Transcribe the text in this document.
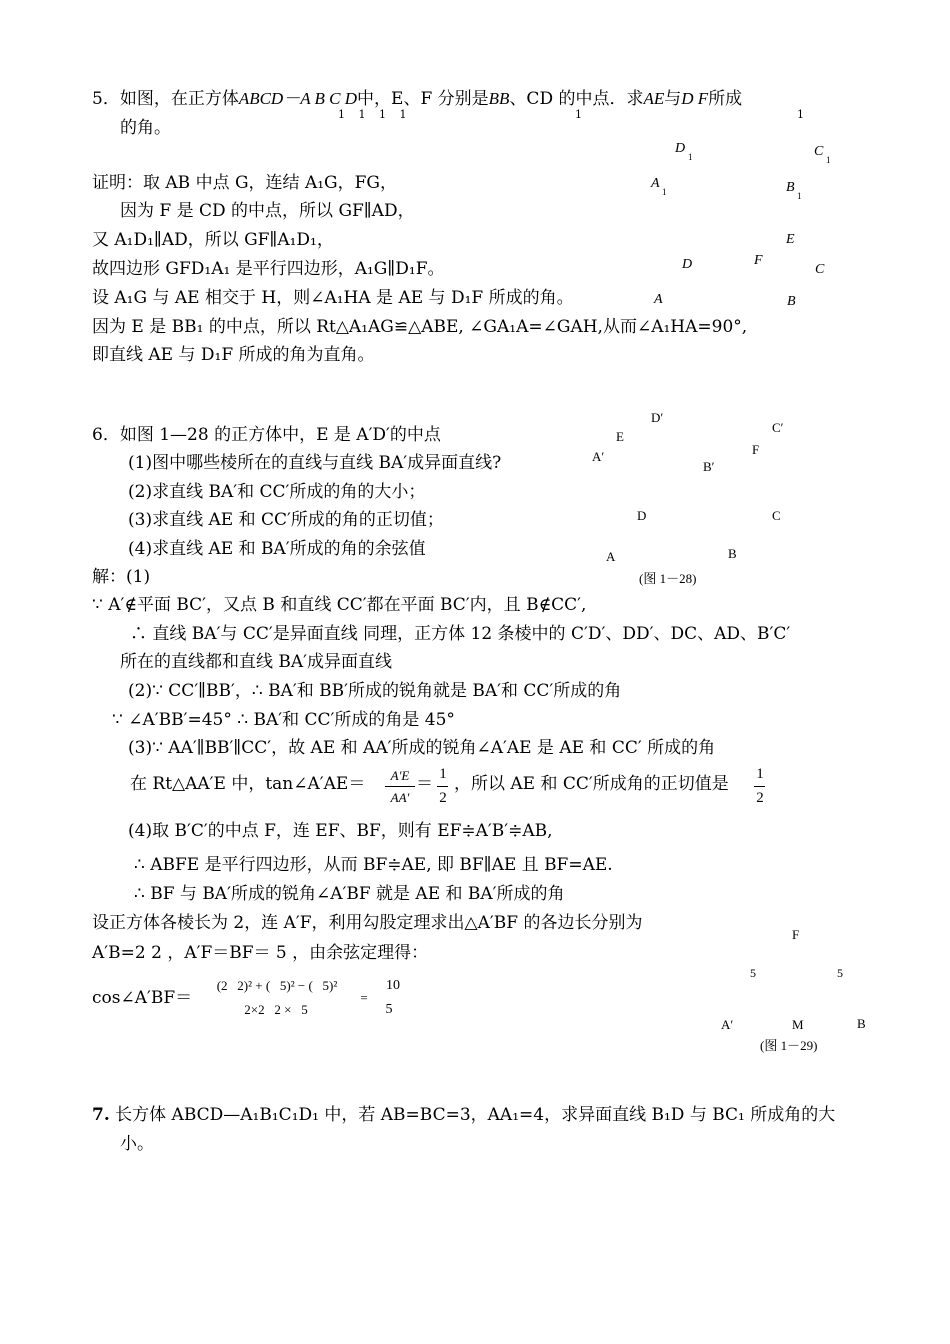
5．如图，在正方体ABCD－A B C D中，E、F 分别是BB、CD 的中点．求AE与D F所成
1 1 1 1	1	1
的角。
证明：取 AB 中点 G，连结 A₁G，FG，
因为 F 是 CD 的中点，所以 GF∥AD，
又 A₁D₁∥AD，所以 GF∥A₁D₁，
故四边形 GFD₁A₁ 是平行四边形，A₁G∥D₁F。
设 A₁G 与 AE 相交于 H，则∠A₁HA 是 AE 与 D₁F 所成的角。
因为 E 是 BB₁ 的中点，所以 Rt△A₁AG≌△ABE, ∠GA₁A=∠GAH,从而∠A₁HA=90°,
即直线 AE 与 D₁F 所成的角为直角。
D
1	C
1
A
1	B
1
E
D	F
C
A	B
6．如图 1—28 的正方体中，E 是 A′D′的中点
(1)图中哪些棱所在的直线与直线 BA′成异面直线?
(2)求直线 BA′和 CC′所成的角的大小；
(3)求直线 AE 和 CC′所成的角的正切值；
(4)求直线 AE 和 BA′所成的角的余弦值
解：(1)
D′
C′
E
F
A′
B′
D	C
A	B
(图 1－28)
∵ A′∉平面 BC′，又点 B 和直线 CC′都在平面 BC′内，且 B∉CC′,
∴ 直线 BA′与 CC′是异面直线 同理，正方体 12 条棱中的 C′D′、DD′、DC、AD、B′C′
所在的直线都和直线 BA′成异面直线
(2)∵ CC′∥BB′，∴ BA′和 BB′所成的锐角就是 BA′和 CC′所成的角
∵ ∠A′BB′=45° ∴ BA′和 CC′所成的角是 45°
(3)∵ AA′∥BB′∥CC′，故 AE 和 AA′所成的锐角∠A′AE 是 AE 和 CC′ 所成的角
在 Rt△AA′E 中，tan∠A′AE＝	A′E
AA′
＝ 1
2
，所以 AE 和 CC′所成角的正切值是 1
2
(4)取 B′C′的中点 F，连 EF、BF，则有 EF≑A′B′≑AB,
∴ ABFE 是平行四边形，从而 BF≑AE, 即 BF∥AE 且 BF=AE.
∴ BF 与 BA′所成的锐角∠A′BF 就是 AE 和 BA′所成的角
设正方体各棱长为 2，连 A′F，利用勾股定理求出△A′BF 的各边长分别为
A′B=2 2 ，A′F＝BF＝ 5 ，由余弦定理得：
cos∠A′BF＝
(2   2)² + (   5)² − (   5)²
2×2   2 ×   5
=
10
5
F
5	5
A′	M	B
(图 1－29)
7. 长方体 ABCD—A₁B₁C₁D₁ 中，若 AB=BC=3，AA₁=4，求异面直线 B₁D 与 BC₁ 所成角的大
小。
